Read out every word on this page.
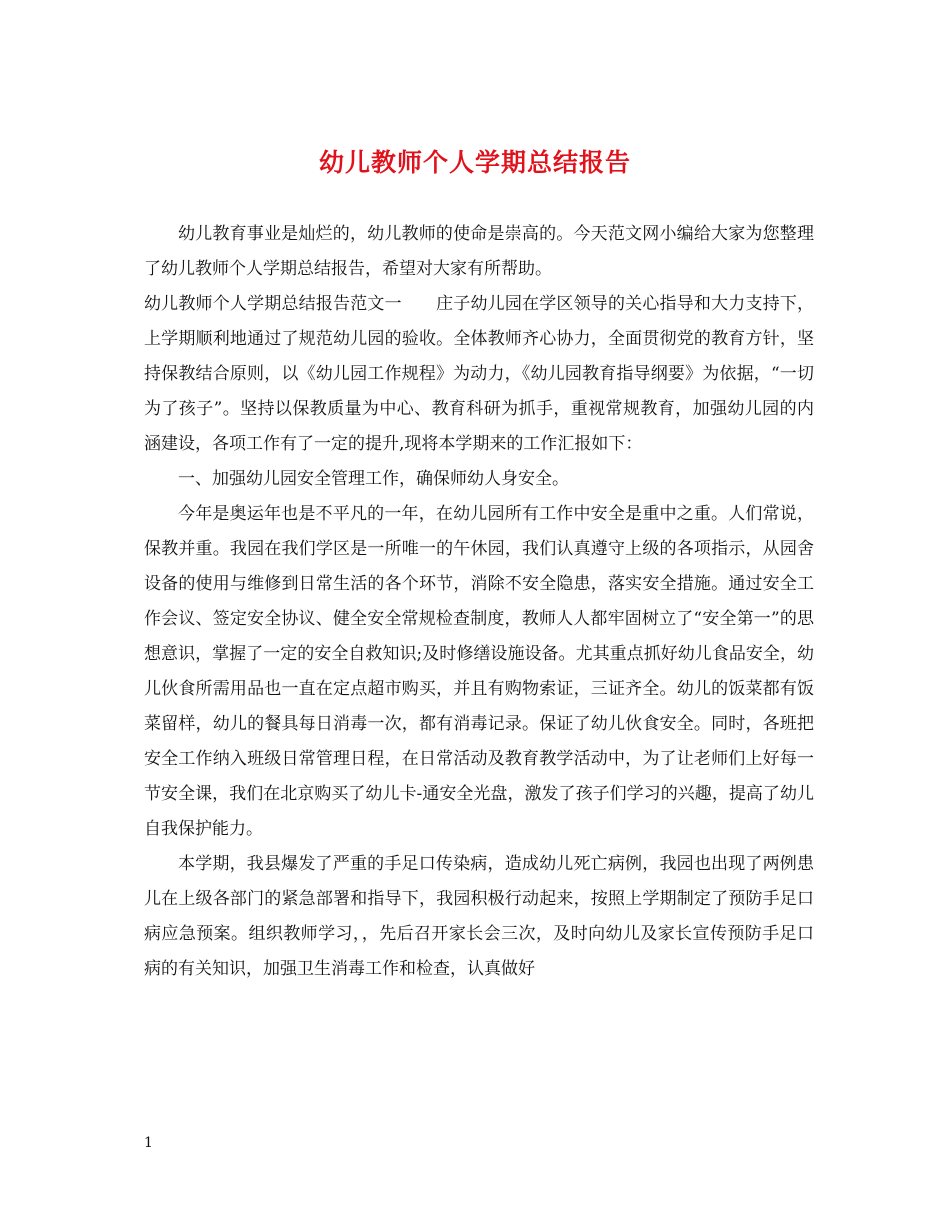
幼儿教师个人学期总结报告

幼儿教育事业是灿烂的，幼儿教师的使命是崇高的。今天范文网小编给大家为您整理了幼儿教师个人学期总结报告，希望对大家有所帮助。

幼儿教师个人学期总结报告范文一　　庄子幼儿园在学区领导的关心指导和大力支持下，上学期顺利地通过了规范幼儿园的验收。全体教师齐心协力，全面贯彻党的教育方针，坚持保教结合原则，以《幼儿园工作规程》为动力，《幼儿园教育指导纲要》为依据，“一切为了孩子”。坚持以保教质量为中心、教育科研为抓手，重视常规教育，加强幼儿园的内涵建设，各项工作有了一定的提升,现将本学期来的工作汇报如下：

一、加强幼儿园安全管理工作，确保师幼人身安全。

今年是奥运年也是不平凡的一年，在幼儿园所有工作中安全是重中之重。人们常说，保教并重。我园在我们学区是一所唯一的午休园，我们认真遵守上级的各项指示，从园舍设备的使用与维修到日常生活的各个环节，消除不安全隐患，落实安全措施。通过安全工作会议、签定安全协议、健全安全常规检查制度，教师人人都牢固树立了“安全第一”的思想意识，掌握了一定的安全自救知识;及时修缮设施设备。尤其重点抓好幼儿食品安全，幼儿伙食所需用品也一直在定点超市购买，并且有购物索证，三证齐全。幼儿的饭菜都有饭菜留样，幼儿的餐具每日消毒一次，都有消毒记录。保证了幼儿伙食安全。同时，各班把安全工作纳入班级日常管理日程，在日常活动及教育教学活动中，为了让老师们上好每一节安全课，我们在北京购买了幼儿卡-通安全光盘，激发了孩子们学习的兴趣，提高了幼儿自我保护能力。

本学期，我县爆发了严重的手足口传染病，造成幼儿死亡病例，我园也出现了两例患儿在上级各部门的紧急部署和指导下，我园积极行动起来，按照上学期制定了预防手足口病应急预案。组织教师学习，，先后召开家长会三次，及时向幼儿及家长宣传预防手足口病的有关知识，加强卫生消毒工作和检查，认真做好

1
